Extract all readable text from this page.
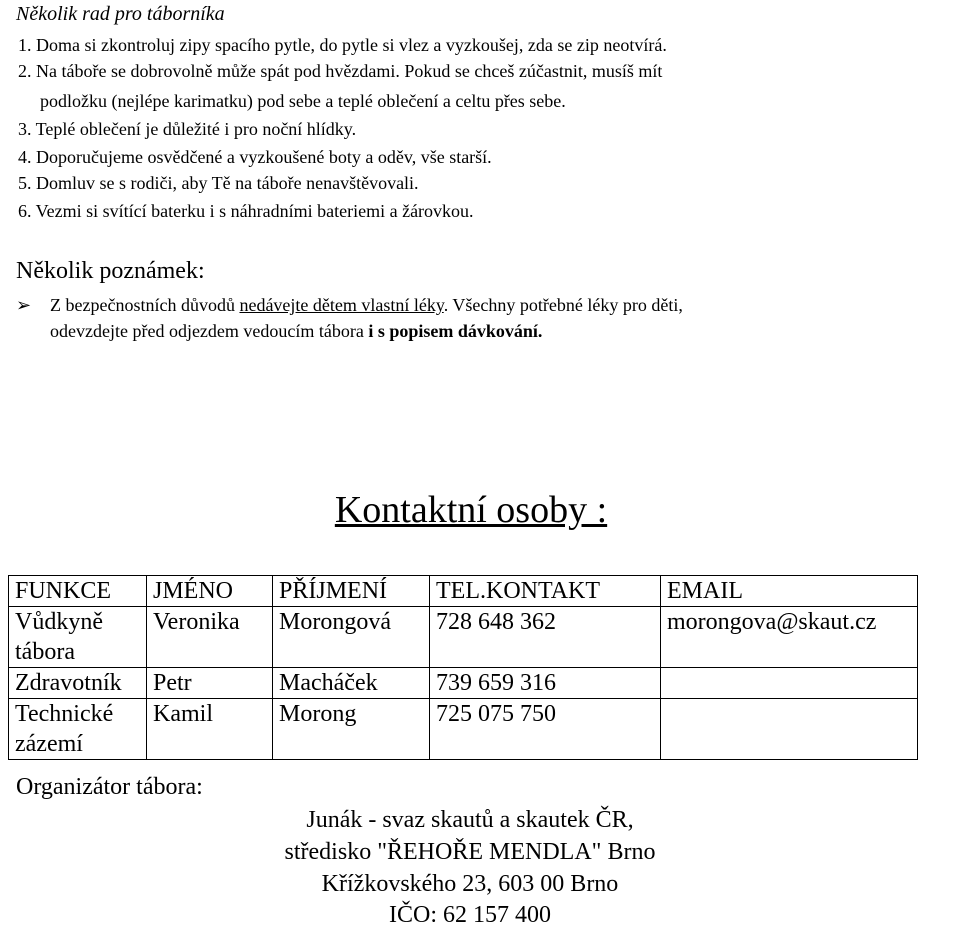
Několik rad pro táborníka
1. Doma si zkontroluj zipy spacího pytle, do pytle si vlez a vyzkoušej, zda se zip neotvírá.
2. Na táboře se dobrovolně může spát pod hvězdami. Pokud se chceš zúčastnit, musíš mít
podložku (nejlépe karimatku) pod sebe a teplé oblečení a celtu přes sebe.
3. Teplé oblečení je důležité i pro noční hlídky.
4. Doporučujeme osvědčené a vyzkoušené boty a oděv, vše starší.
5. Domluv se s rodiči, aby Tě na táboře nenavštěvovali.
6. Vezmi si svítící baterku i s náhradními bateriemi a žárovkou.
Několik poznámek:
➢ Z bezpečnostních důvodů nedávejte dětem vlastní léky. Všechny potřebné léky pro děti,
odevzdejte před odjezdem vedoucím tábora i s popisem dávkování.
Kontaktní osoby :
FUNKCE	JMÉNO	PŘÍJMENÍ	TEL.KONTAKT	EMAIL
Vůdkyně tábora	Veronika	Morongová	728 648 362	morongova@skaut.cz
Zdravotník	Petr	Macháček	739 659 316	
Technické zázemí	Kamil	Morong	725 075 750	
Organizátor tábora:
Junák - svaz skautů a skautek ČR,
středisko "ŘEHOŘE MENDLA" Brno
Křížkovského 23, 603 00 Brno
IČO: 62 157 400
